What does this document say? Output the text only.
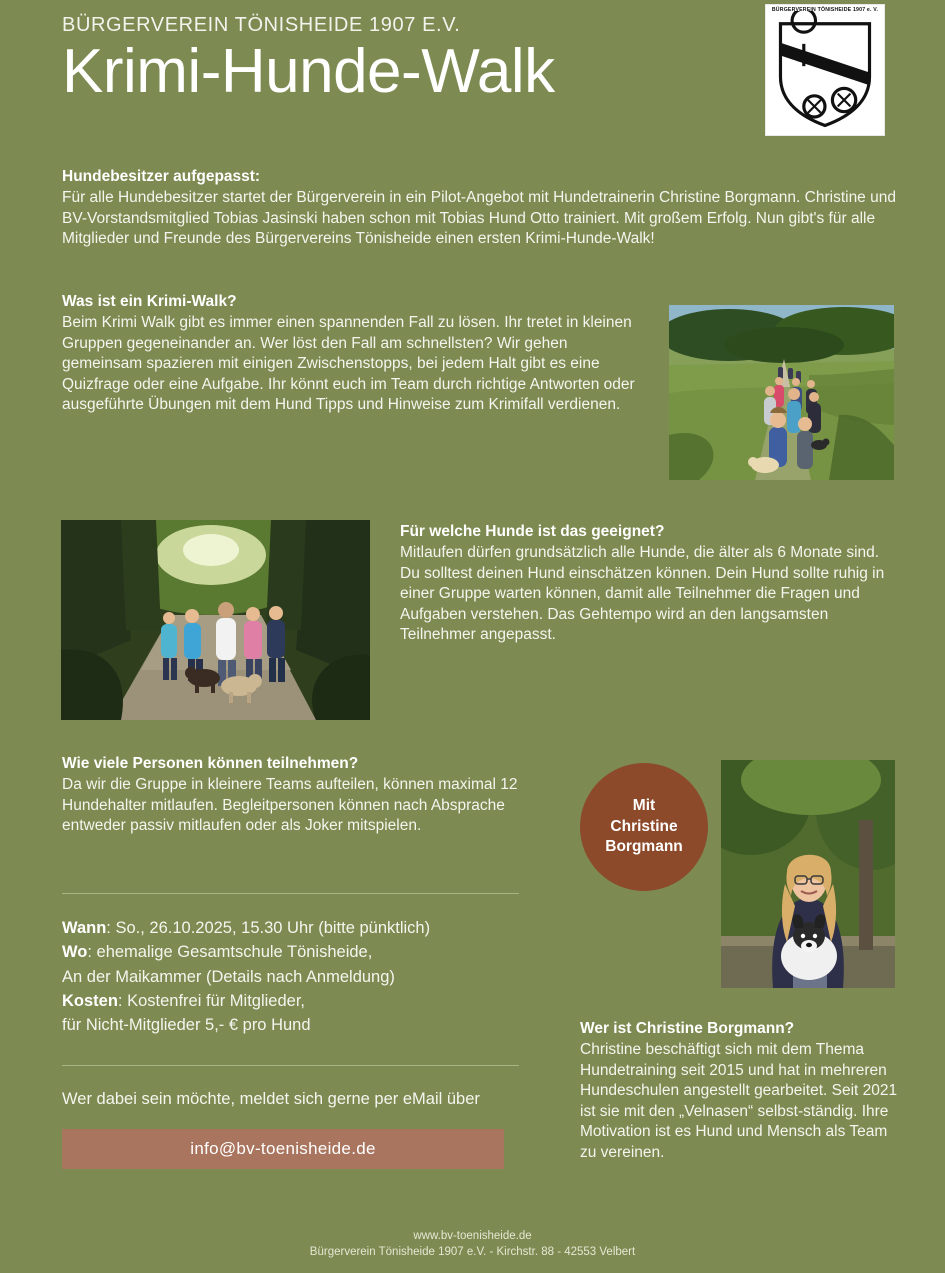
BÜRGERVEREIN TÖNISHEIDE 1907 E.V.
Krimi-Hunde-Walk
BÜRGERVEREIN TÖNISHEIDE 1907 e. V.
Hundebesitzer aufgepasst:

Für alle Hundebesitzer startet der Bürgerverein in ein Pilot-Angebot mit Hundetrainerin Christine Borgmann. Christine und BV-Vorstandsmitglied Tobias Jasinski haben schon mit Tobias Hund Otto trainiert. Mit großem Erfolg. Nun gibt's für alle Mitglieder und Freunde des Bürgervereins Tönisheide einen ersten Krimi-Hunde-Walk!

Was ist ein Krimi-Walk?

Beim Krimi Walk gibt es immer einen spannenden Fall zu lösen. Ihr tretet in kleinen Gruppen gegeneinander an. Wer löst den Fall am schnellsten? Wir gehen gemeinsam spazieren mit einigen Zwischenstopps, bei jedem Halt gibt es eine Quizfrage oder eine Aufgabe. Ihr könnt euch im Team durch richtige Antworten oder ausgeführte Übungen mit dem Hund Tipps und Hinweise zum Krimifall verdienen.

Für welche Hunde ist das geeignet?

Mitlaufen dürfen grundsätzlich alle Hunde, die älter als 6 Monate sind. Du solltest deinen Hund einschätzen können. Dein Hund sollte ruhig in einer Gruppe warten können, damit alle Teilnehmer die Fragen und Aufgaben verstehen. Das Gehtempo wird an den langsamsten Teilnehmer angepasst.

Wie viele Personen können teilnehmen?

Da wir die Gruppe in kleinere Teams aufteilen, können maximal 12 Hundehalter mitlaufen. Begleitpersonen können nach Absprache entweder passiv mitlaufen oder als Joker mitspielen.

Mit
Christine
Borgmann
Wann: So., 26.10.2025, 15.30 Uhr (bitte pünktlich)
Wo: ehemalige Gesamtschule Tönisheide,
An der Maikammer (Details nach Anmeldung)
Kosten: Kostenfrei für Mitglieder,
für Nicht-Mitglieder 5,- € pro Hund

Wer dabei sein möchte, meldet sich gerne per eMail über

info@bv-toenisheide.de
Wer ist Christine Borgmann?

Christine beschäftigt sich mit dem Thema Hundetraining seit 2015 und hat in mehreren Hundeschulen angestellt gearbeitet. Seit 2021 ist sie mit den „Velnasen“ selbst-ständig. Ihre Motivation ist es Hund und Mensch als Team zu vereinen.

www.bv-toenisheide.de
Bürgerverein Tönisheide 1907 e.V. - Kirchstr. 88 - 42553 Velbert
